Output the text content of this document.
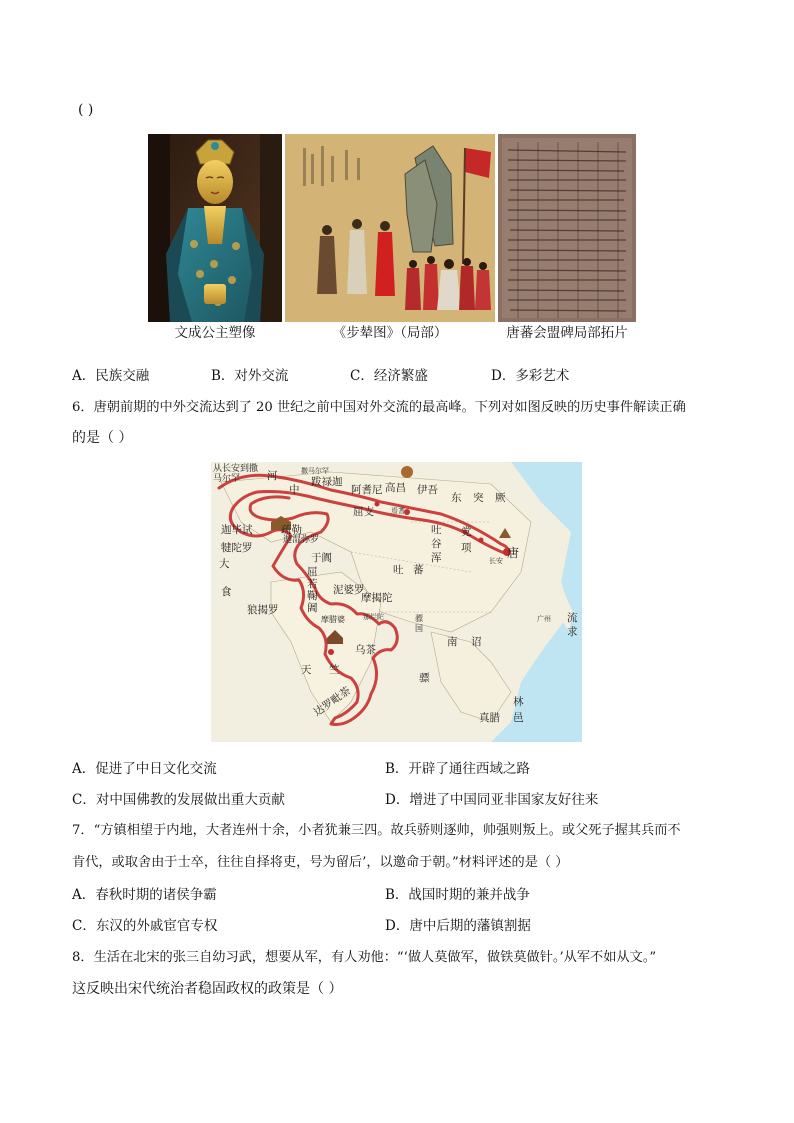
( )
文成公主塑像	《步辇图》（局部）	唐蕃会盟碑局部拓片
A．民族交融	B．对外交流	C．经济繁盛	D．多彩艺术
6．唐朝前期的中外交流达到了 20 世纪之前中国对外交流的最高峰。下列对如图反映的历史事件解读正确
的是（ ）
从长安到撒马尔罕	河
中
撒马尔罕
跋禄迦
阿耆尼 高昌 伊吾
东 突 厥
迦毕试
犍陀罗
大
食
疏勒
于阗
屈支 焉耆
吐
谷
浑
吐 蕃
党
项	唐
长安
迦湿弥罗
屈若鞠阇
泥婆罗
狼揭罗
摩揭陀
那烂陀
天 竺
摩腊婆
乌茶
达罗毗荼
南 诏
骠
林
邑
真腊
流
求
广州
骠国
A．促进了中日文化交流	B．开辟了通往西域之路
C．对中国佛教的发展做出重大贡献	D．增进了中国同亚非国家友好往来
7．“方镇相望于内地，大者连州十余，小者犹兼三四。故兵骄则逐帅，帅强则叛上。或父死子握其兵而不
肯代，或取舍由于士卒，往往自择将吏，号为留后’，以邀命于朝。”材料评述的是（ ）
A．春秋时期的诸侯争霸	B．战国时期的兼并战争
C．东汉的外戚宦官专权	D．唐中后期的藩镇割据
8．生活在北宋的张三自幼习武，想要从军，有人劝他：“‘做人莫做军，做铁莫做针。’从军不如从文。”
这反映出宋代统治者稳固政权的政策是（ ）
